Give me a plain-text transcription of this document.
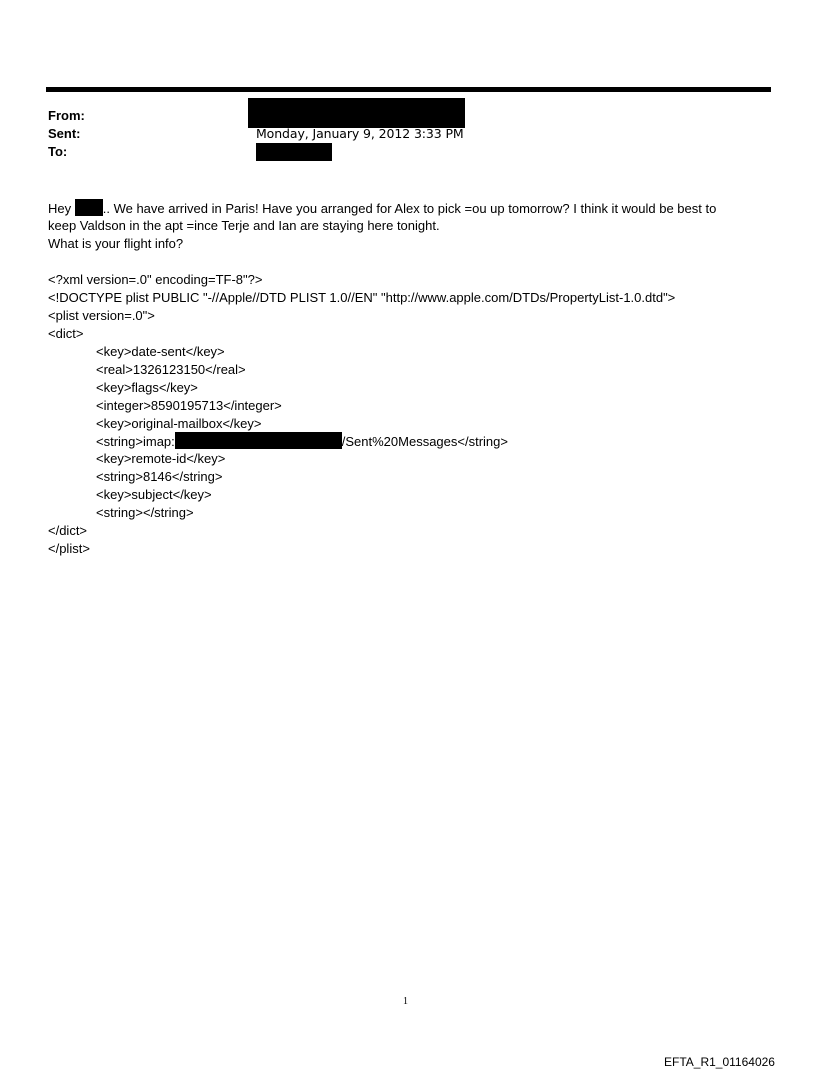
From:
Sent:
To:
Monday, January 9, 2012 3:33 PM
Hey .. We have arrived in Paris! Have you arranged for Alex to pick =ou up tomorrow? I think it would be best to
keep Valdson in the apt =ince Terje and Ian are staying here tonight.
What is your flight info?
<?xml version=.0" encoding=TF-8"?>
<!DOCTYPE plist PUBLIC "-//Apple//DTD PLIST 1.0//EN" "http://www.apple.com/DTDs/PropertyList-1.0.dtd">
<plist version=.0">
<dict>
<key>date-sent</key>
<real>1326123150</real>
<key>flags</key>
<integer>8590195713</integer>
<key>original-mailbox</key>
<string>imap:	/Sent%20Messages</string>
<key>remote-id</key>
<string>8146</string>
<key>subject</key>
<string></string>
</dict>
</plist>
1
EFTA_R1_01164026
